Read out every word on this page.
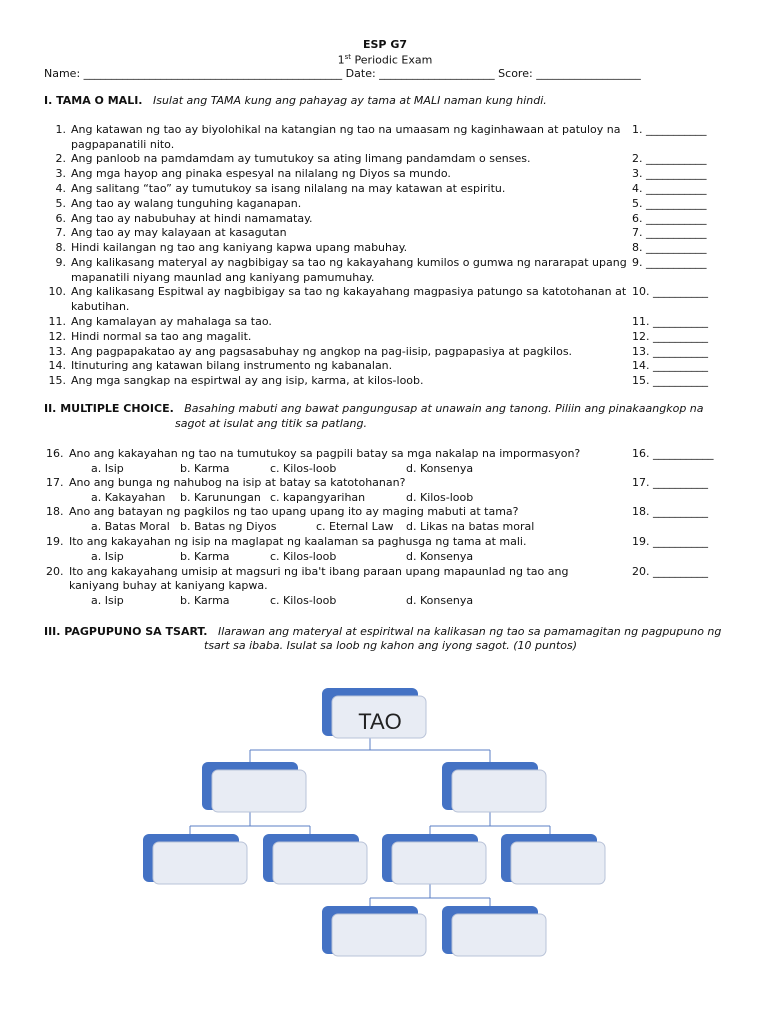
ESP G7
1st Periodic Exam
Name: _______________________________________________ Date: _____________________ Score: ___________________
I. TAMA O MALI. Isulat ang TAMA kung ang pahayag ay tama at MALI naman kung hindi.
1. Ang katawan ng tao ay biyolohikal na katangian ng tao na umaasam ng kaginhawaan at patuloy na pagpapanatili nito.
1. ___________
2. Ang panloob na pamdamdam ay tumutukoy sa ating limang pandamdam o senses.	2. ___________
3. Ang mga hayop ang pinaka espesyal na nilalang ng Diyos sa mundo.	3. ___________
4. Ang salitang “tao” ay tumutukoy sa isang nilalang na may katawan at espiritu.	4. ___________
5. Ang tao ay walang tunguhing kaganapan.	5. ___________
6. Ang tao ay nabubuhay at hindi namamatay.	6. ___________
7. Ang tao ay may kalayaan at kasagutan	7. ___________
8. Hindi kailangan ng tao ang kaniyang kapwa upang mabuhay.	8. ___________
9. Ang kalikasang materyal ay nagbibigay sa tao ng kakayahang kumilos o gumwa ng nararapat upang mapanatili niyang maunlad ang kaniyang pamumuhay.
9. ___________
10. Ang kalikasang Espitwal ay nagbibigay sa tao ng kakayahang magpasiya patungo sa katotohanan at kabutihan.
10. __________
11. Ang kamalayan ay mahalaga sa tao.	11. __________
12. Hindi normal sa tao ang magalit.	12. __________
13. Ang pagpapakatao ay ang pagsasabuhay ng angkop na pag-iisip, pagpapasiya at pagkilos.	13. __________
14. Itinuturing ang katawan bilang instrumento ng kabanalan.	14. __________
15. Ang mga sangkap na espirtwal ay ang isip, karma, at kilos-loob.	15. __________
II. MULTIPLE CHOICE. Basahing mabuti ang bawat pangungusap at unawain ang tanong. Piliin ang pinakaangkop na
sagot at isulat ang titik sa patlang.
16. Ano ang kakayahan ng tao na tumutukoy sa pagpili batay sa mga nakalap na impormasyon?
a. Isip	b. Karma	c. Kilos-loob	d. Konsenya
16. ___________
17. Ano ang bunga ng nahubog na isip at batay sa katotohanan?
a. Kakayahan b. Karunungan c. kapangyarihan	d. Kilos-loob
17. __________
18. Ano ang batayan ng pagkilos ng tao upang upang ito ay maging mabuti at tama?
a. Batas Moral b. Batas ng Diyos	c. Eternal Law d. Likas na batas moral
18. __________
19. Ito ang kakayahan ng isip na maglapat ng kaalaman sa paghusga ng tama at mali.
a. Isip	b. Karma	c. Kilos-loob	d. Konsenya
19. __________
20. Ito ang kakayahang umisip at magsuri ng iba't ibang paraan upang mapaunlad ng tao ang
kaniyang buhay at kaniyang kapwa.
a. Isip	b. Karma	c. Kilos-loob	d. Konsenya
20. __________
III. PAGPUPUNO SA TSART. Ilarawan ang materyal at espiritwal na kalikasan ng tao sa pamamagitan ng pagpupuno ng
tsart sa ibaba. Isulat sa loob ng kahon ang iyong sagot. (10 puntos)
TAO
